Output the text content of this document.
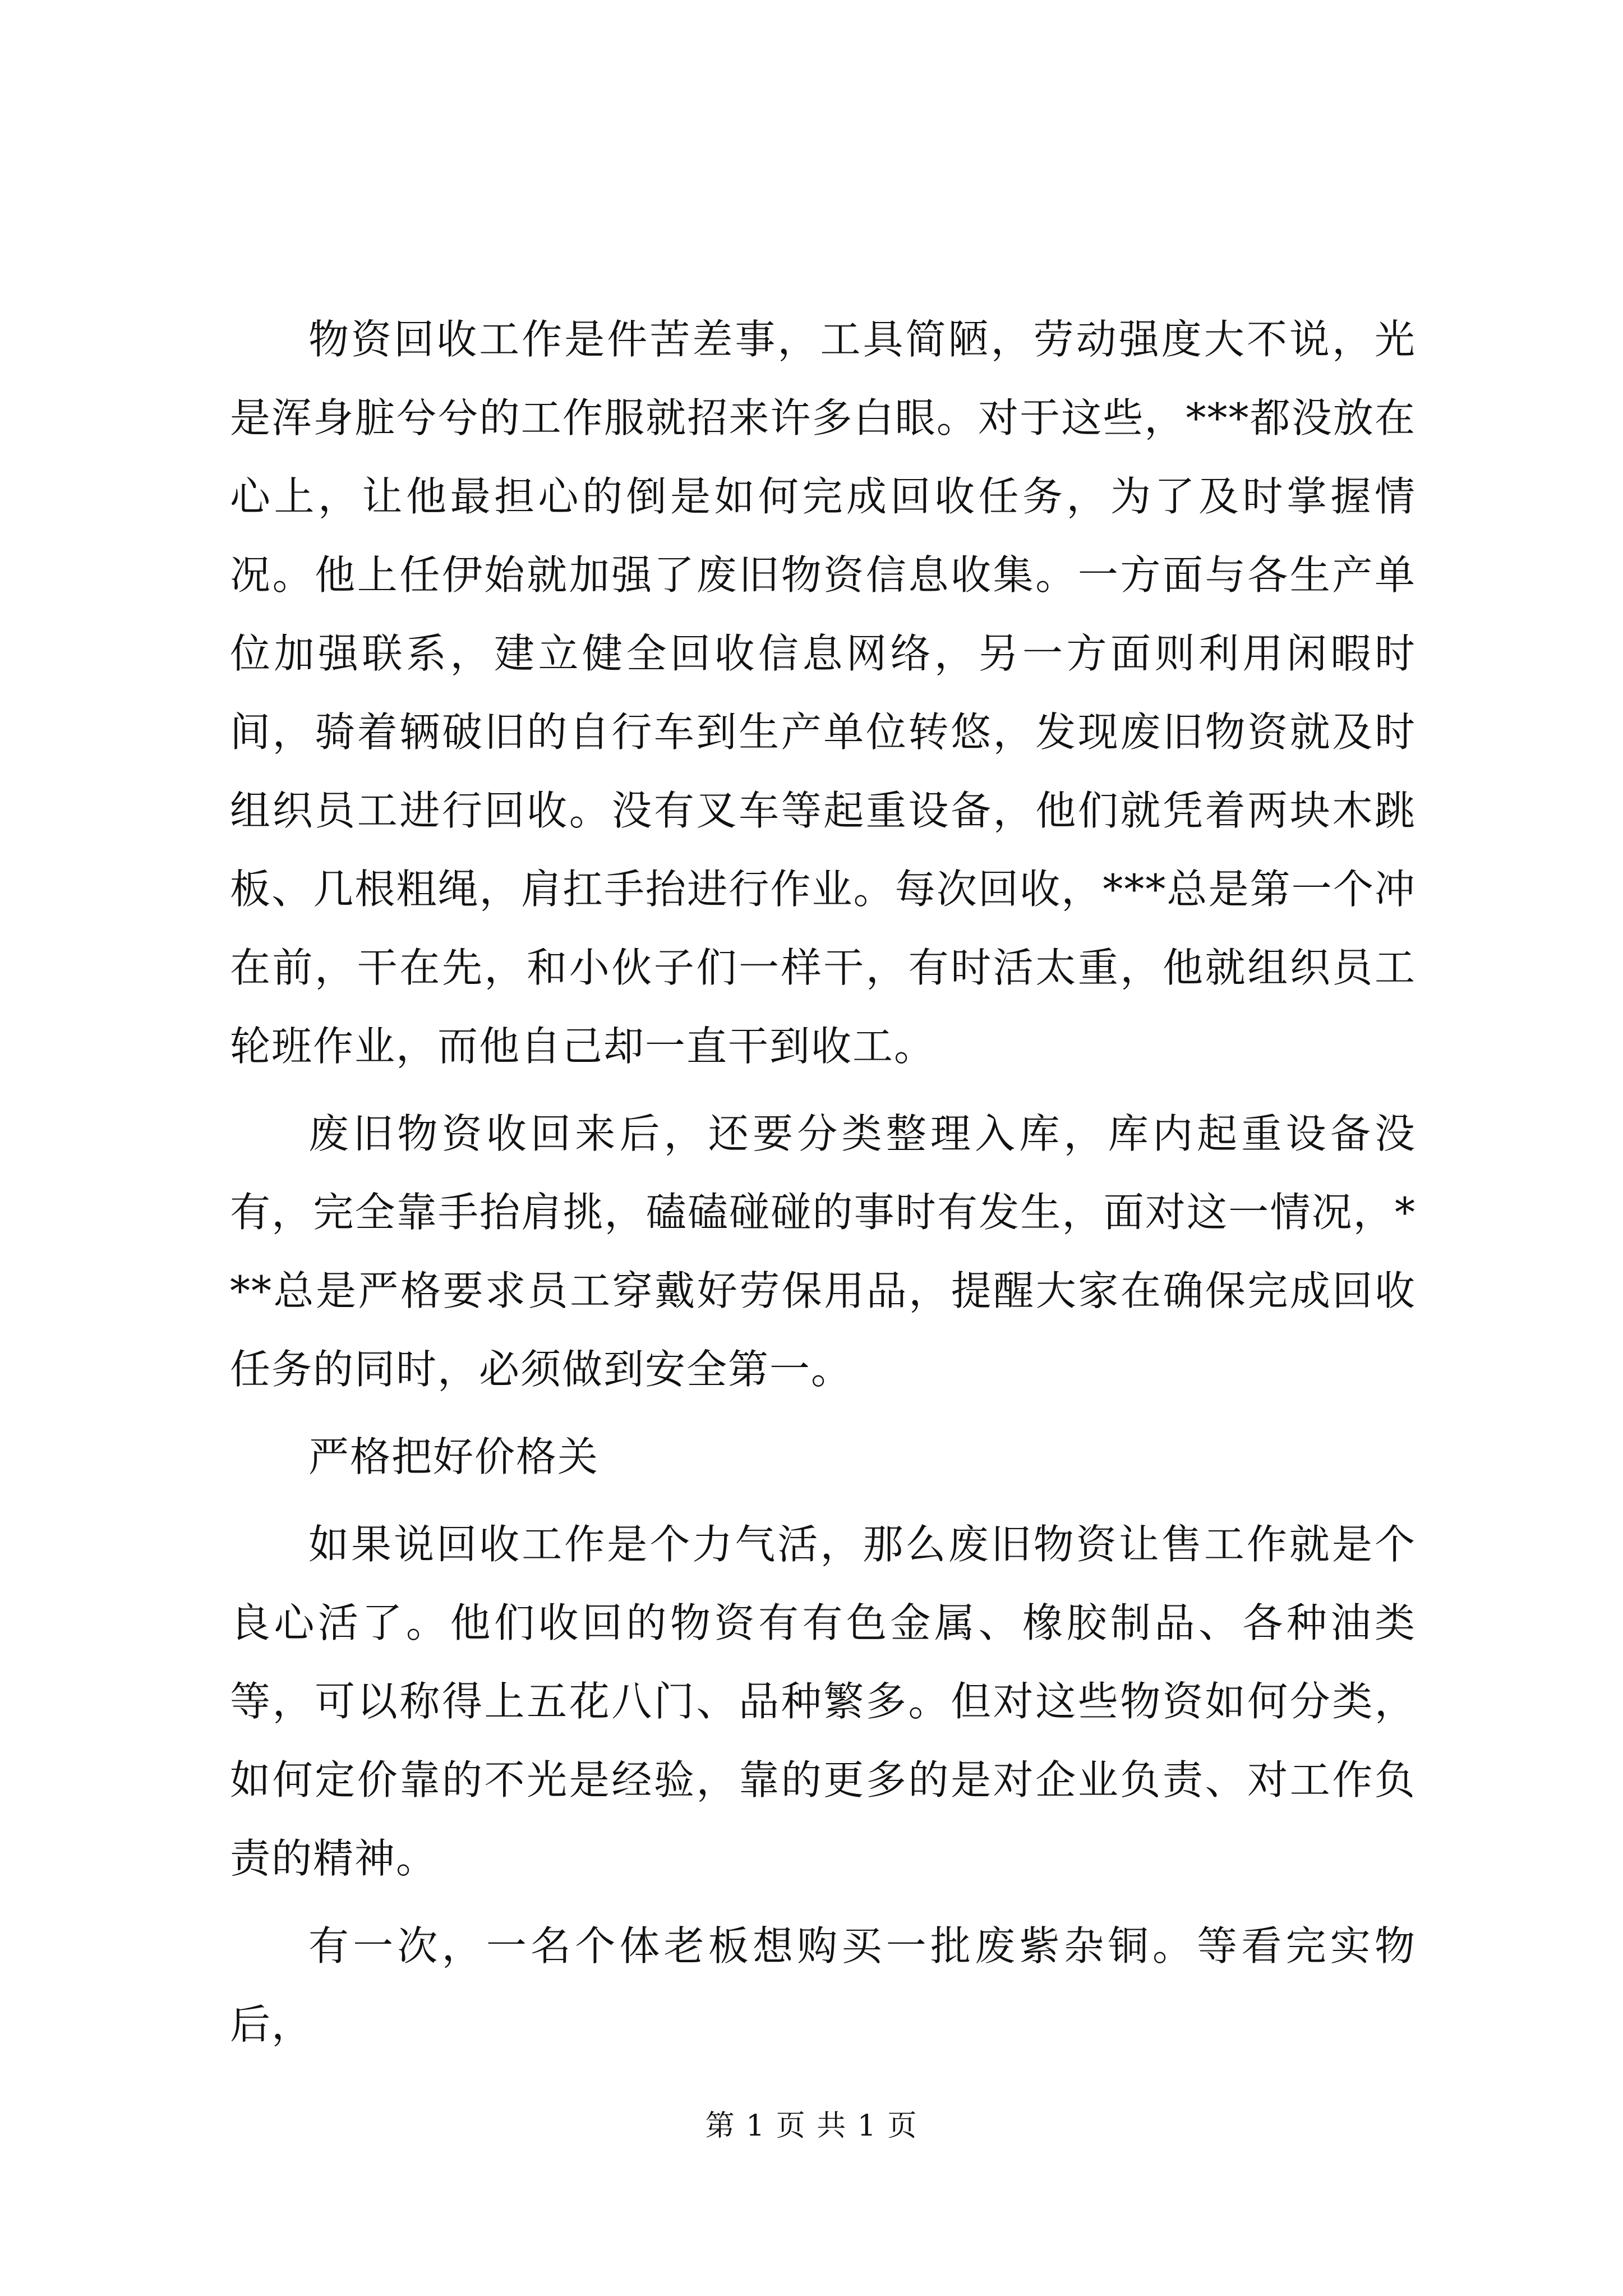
物资回收工作是件苦差事，工具简陋，劳动强度大不说，光是浑身脏兮兮的工作服就招来许多白眼。对于这些，***都没放在心上，让他最担心的倒是如何完成回收任务，为了及时掌握情况。他上任伊始就加强了废旧物资信息收集。一方面与各生产单位加强联系，建立健全回收信息网络，另一方面则利用闲暇时间，骑着辆破旧的自行车到生产单位转悠，发现废旧物资就及时组织员工进行回收。没有叉车等起重设备，他们就凭着两块木跳板、几根粗绳，肩扛手抬进行作业。每次回收，***总是第一个冲在前，干在先，和小伙子们一样干，有时活太重，他就组织员工轮班作业，而他自己却一直干到收工。

废旧物资收回来后，还要分类整理入库，库内起重设备没有，完全靠手抬肩挑，磕磕碰碰的事时有发生，面对这一情况，***总是严格要求员工穿戴好劳保用品，提醒大家在确保完成回收任务的同时，必须做到安全第一。

严格把好价格关

如果说回收工作是个力气活，那么废旧物资让售工作就是个良心活了。他们收回的物资有有色金属、橡胶制品、各种油类等，可以称得上五花八门、品种繁多。但对这些物资如何分类，如何定价靠的不光是经验，靠的更多的是对企业负责、对工作负责的精神。

有一次，一名个体老板想购买一批废紫杂铜。等看完实物后，

第 1 页 共 1 页
